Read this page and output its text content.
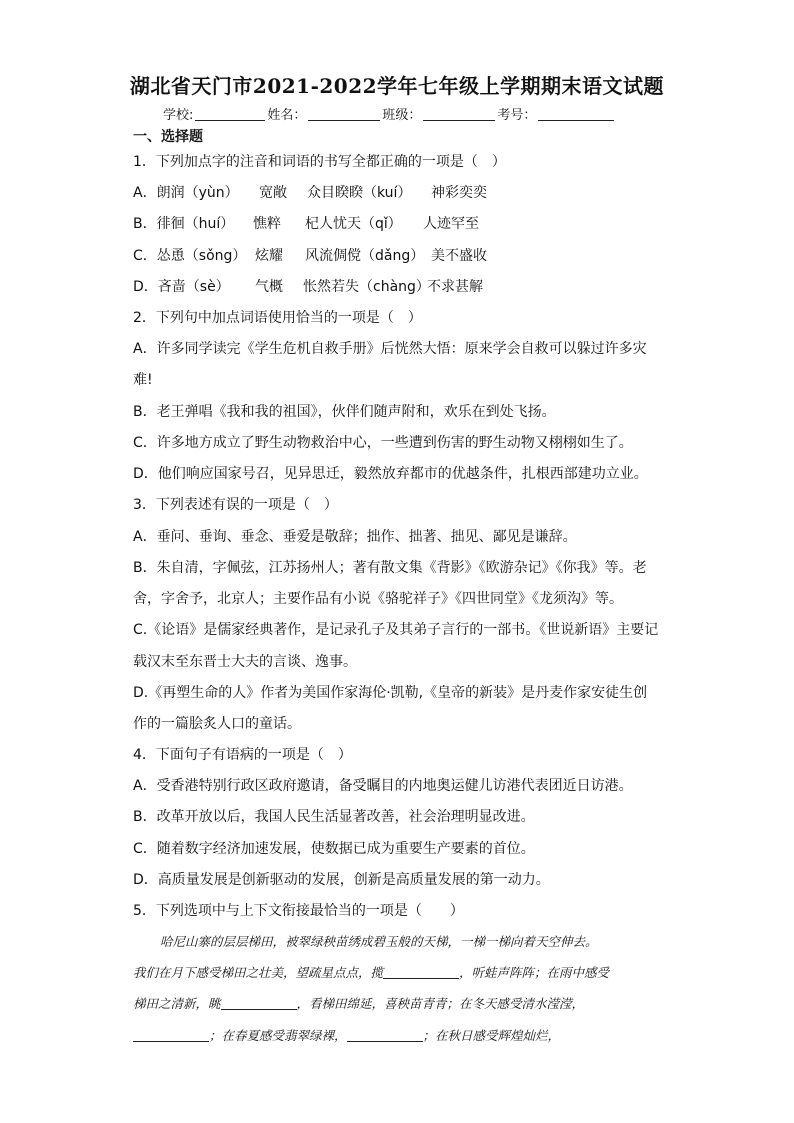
湖北省天门市2021-2022学年七年级上学期期末语文试题
学校:	姓名：	班级：	考号：
一、选择题
1．下列加点字的注音和词语的书写全都正确的一项是（　）
A．朗润（yùn） 宽敞 众目睽睽（kuí） 神彩奕奕
B．徘徊（huí） 憔粹 杞人忧天（qǐ） 人迹罕至
C．怂恿（sǒng） 炫耀 风流倜傥（dǎng） 美不盛收
D．吝啬（sè） 气概 怅然若失（chàng）不求甚解
2．下列句中加点词语使用恰当的一项是（　）
A．许多同学读完《学生危机自救手册》后恍然大悟：原来学会自救可以躲过许多灾
难!
B．老王弹唱《我和我的祖国》，伙伴们随声附和，欢乐在到处飞扬。
C．许多地方成立了野生动物救治中心，一些遭到伤害的野生动物又栩栩如生了。
D．他们响应国家号召，见异思迁，毅然放弃都市的优越条件，扎根西部建功立业。
3．下列表述有误的一项是（　）
A．垂问、垂询、垂念、垂爱是敬辞；拙作、拙著、拙见、鄙见是谦辞。
B．朱自清，字佩弦，江苏扬州人；著有散文集《背影》《欧游杂记》《你我》等。老
舍，字舍予，北京人；主要作品有小说《骆驼祥子》《四世同堂》《龙须沟》等。
C.《论语》是儒家经典著作，是记录孔子及其弟子言行的一部书。《世说新语》主要记
载汉末至东晋士大夫的言谈、逸事。
D.《再塑生命的人》作者为美国作家海伦·凯勒,《皇帝的新装》是丹麦作家安徒生创
作的一篇脍炙人口的童话。
4．下面句子有语病的一项是（　）
A．受香港特别行政区政府邀请，备受瞩目的内地奥运健儿访港代表团近日访港。
B．改革开放以后，我国人民生活显著改善，社会治理明显改进。
C．随着数字经济加速发展，使数据已成为重要生产要素的首位。
D．高质量发展是创新驱动的发展，创新是高质量发展的第一动力。
5．下列选项中与上下文衔接最恰当的一项是（　　）
哈尼山寨的层层梯田，被翠绿秧苗绣成碧玉般的天梯，一梯一梯向着天空伸去。
我们在月下感受梯田之壮美，望疏星点点，揽	，听蛙声阵阵；在雨中感受
梯田之清新，眺	，看梯田绵延，喜秧苗青青；在冬天感受清水滢滢，
；在春夏感受翡翠绿裸，	；在秋日感受辉煌灿烂，
